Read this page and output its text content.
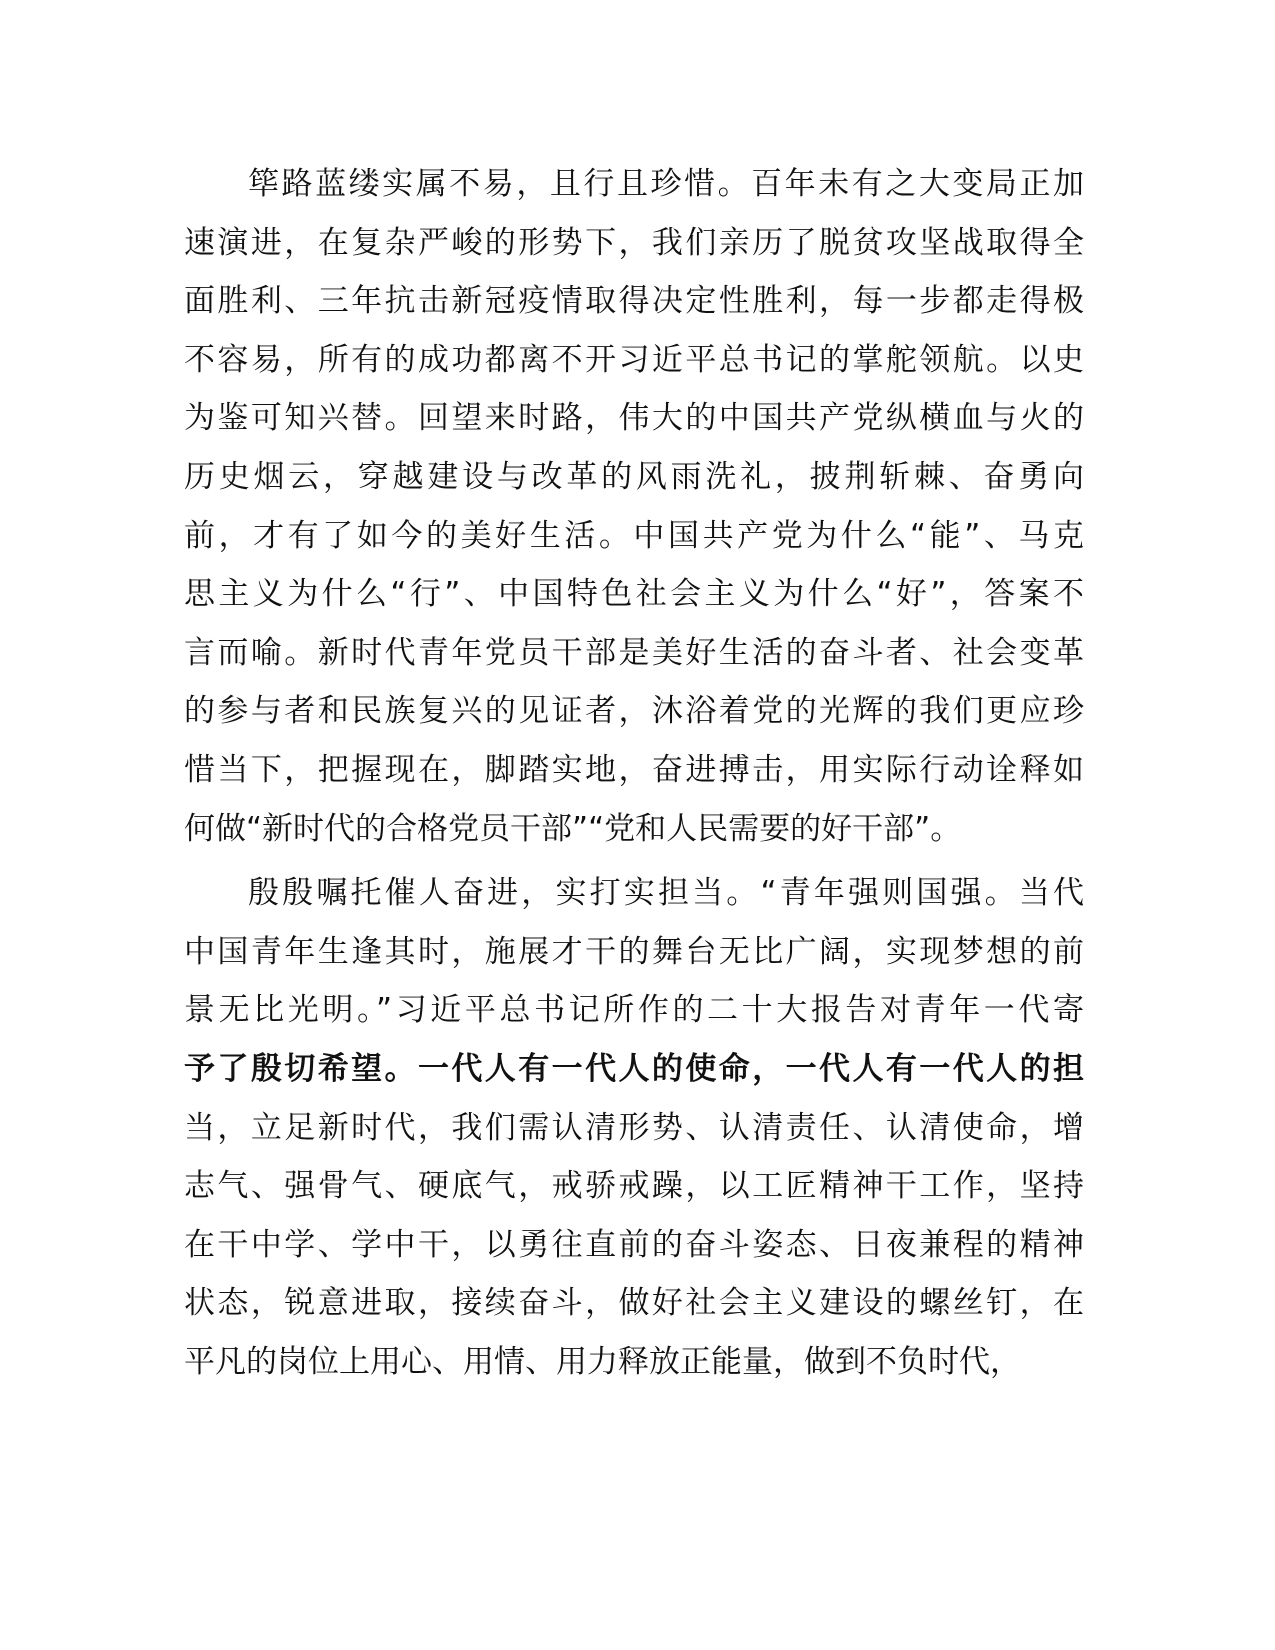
筚路蓝缕实属不易，且行且珍惜。百年未有之大变局正加
速演进，在复杂严峻的形势下，我们亲历了脱贫攻坚战取得全
面胜利、三年抗击新冠疫情取得决定性胜利，每一步都走得极
不容易，所有的成功都离不开习近平总书记的掌舵领航。以史
为鉴可知兴替。回望来时路，伟大的中国共产党纵横血与火的
历史烟云，穿越建设与改革的风雨洗礼，披荆斩棘、奋勇向
前，才有了如今的美好生活。中国共产党为什么“能”、马克
思主义为什么“行”、中国特色社会主义为什么“好”，答案不
言而喻。新时代青年党员干部是美好生活的奋斗者、社会变革
的参与者和民族复兴的见证者，沐浴着党的光辉的我们更应珍
惜当下，把握现在，脚踏实地，奋进搏击，用实际行动诠释如
何做“新时代的合格党员干部”“党和人民需要的好干部”。
殷殷嘱托催人奋进，实打实担当。“青年强则国强。当代
中国青年生逢其时，施展才干的舞台无比广阔，实现梦想的前
景无比光明。”习近平总书记所作的二十大报告对青年一代寄
予了殷切希望。一代人有一代人的使命，一代人有一代人的担
当，立足新时代，我们需认清形势、认清责任、认清使命，增
志气、强骨气、硬底气，戒骄戒躁，以工匠精神干工作，坚持
在干中学、学中干，以勇往直前的奋斗姿态、日夜兼程的精神
状态，锐意进取，接续奋斗，做好社会主义建设的螺丝钉，在
平凡的岗位上用心、用情、用力释放正能量，做到不负时代，
